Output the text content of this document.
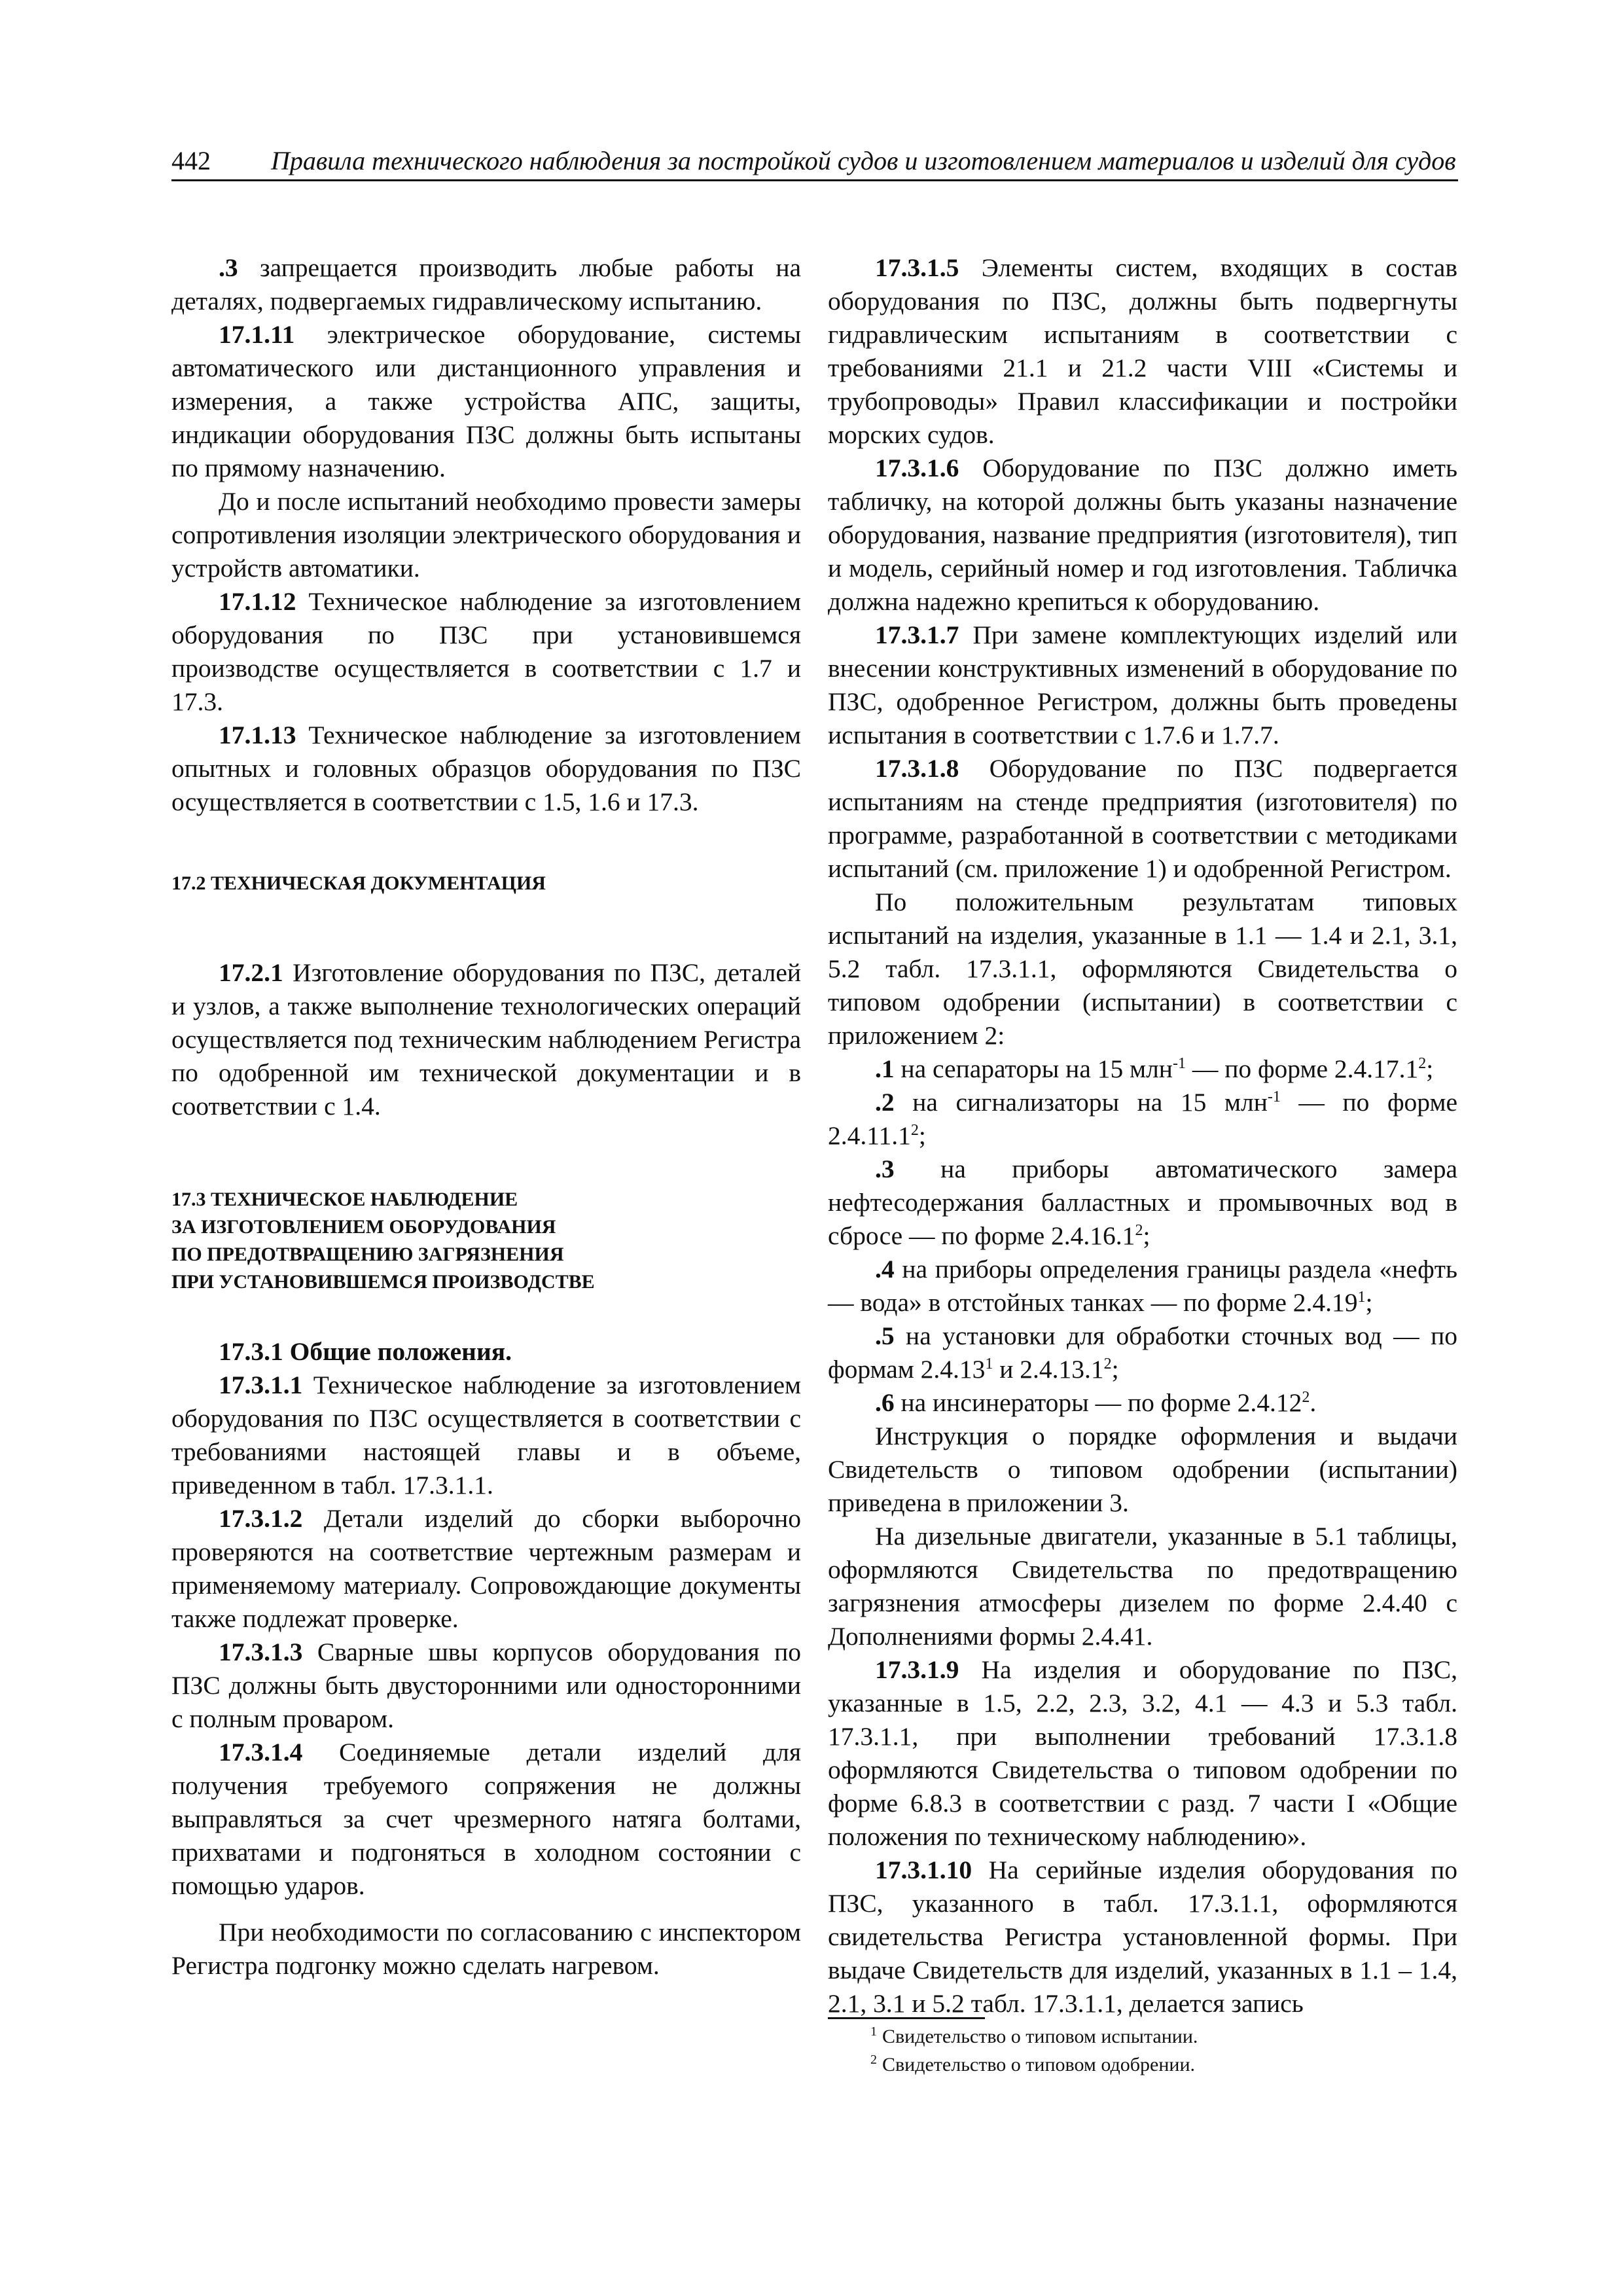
442 Правила технического наблюдения за постройкой судов и изготовлением материалов и изделий для судов

.3 запрещается производить любые работы на деталях, подвергаемых гидравлическому испытанию.

17.1.11 электрическое оборудование, системы автоматического или дистанционного управления и измерения, а также устройства АПС, защиты, индикации оборудования ПЗС должны быть испытаны по прямому назначению.

До и после испытаний необходимо провести замеры сопротивления изоляции электрического оборудования и устройств автоматики.

17.1.12 Техническое наблюдение за изготовлением оборудования по ПЗС при установившемся производстве осуществляется в соответствии с 1.7 и 17.3.

17.1.13 Техническое наблюдение за изготовлением опытных и головных образцов оборудования по ПЗС осуществляется в соответствии с 1.5, 1.6 и 17.3.

17.2 ТЕХНИЧЕСКАЯ ДОКУМЕНТАЦИЯ

17.2.1 Изготовление оборудования по ПЗС, деталей и узлов, а также выполнение технологических операций осуществляется под техническим наблюдением Регистра по одобренной им технической документации и в соответствии с 1.4.

17.3 ТЕХНИЧЕСКОЕ НАБЛЮДЕНИЕ
ЗА ИЗГОТОВЛЕНИЕМ ОБОРУДОВАНИЯ
ПО ПРЕДОТВРАЩЕНИЮ ЗАГРЯЗНЕНИЯ
ПРИ УСТАНОВИВШЕМСЯ ПРОИЗВОДСТВЕ

17.3.1 Общие положения.

17.3.1.1 Техническое наблюдение за изготовлением оборудования по ПЗС осуществляется в соответствии с требованиями настоящей главы и в объеме, приведенном в табл. 17.3.1.1.

17.3.1.2 Детали изделий до сборки выборочно проверяются на соответствие чертежным размерам и применяемому материалу. Сопровождающие документы также подлежат проверке.

17.3.1.3 Сварные швы корпусов оборудования по ПЗС должны быть двусторонними или односторонними с полным проваром.

17.3.1.4 Соединяемые детали изделий для получения требуемого сопряжения не должны выправляться за счет чрезмерного натяга болтами, прихватами и подгоняться в холодном состоянии с помощью ударов.

При необходимости по согласованию с инспектором Регистра подгонку можно сделать нагревом.

17.3.1.5 Элементы систем, входящих в состав оборудования по ПЗС, должны быть подвергнуты гидравлическим испытаниям в соответствии с требованиями 21.1 и 21.2 части VIII «Системы и трубопроводы» Правил классификации и постройки морских судов.

17.3.1.6 Оборудование по ПЗС должно иметь табличку, на которой должны быть указаны назначение оборудования, название предприятия (изготовителя), тип и модель, серийный номер и год изготовления. Табличка должна надежно крепиться к оборудованию.

17.3.1.7 При замене комплектующих изделий или внесении конструктивных изменений в оборудование по ПЗС, одобренное Регистром, должны быть проведены испытания в соответствии с 1.7.6 и 1.7.7.

17.3.1.8 Оборудование по ПЗС подвергается испытаниям на стенде предприятия (изготовителя) по программе, разработанной в соответствии с методиками испытаний (см. приложение 1) и одобренной Регистром.

По положительным результатам типовых испытаний на изделия, указанные в 1.1 — 1.4 и 2.1, 3.1, 5.2 табл. 17.3.1.1, оформляются Свидетельства о типовом одобрении (испытании) в соответствии с приложением 2:

.1 на сепараторы на 15 млн$^{-1}$ — по форме 2.4.17.1$^2$;

.2 на сигнализаторы на 15 млн$^{-1}$ — по форме 2.4.11.1$^2$;

.3 на приборы автоматического замера нефтесодержания балластных и промывочных вод в сбросе — по форме 2.4.16.1$^2$;

.4 на приборы определения границы раздела «нефть — вода» в отстойных танках — по форме 2.4.19$^1$;

.5 на установки для обработки сточных вод — по формам 2.4.13$^1$ и 2.4.13.1$^2$;

.6 на инсинераторы — по форме 2.4.12$^2$.

Инструкция о порядке оформления и выдачи Свидетельств о типовом одобрении (испытании) приведена в приложении 3.

На дизельные двигатели, указанные в 5.1 таблицы, оформляются Свидетельства по предотвращению загрязнения атмосферы дизелем по форме 2.4.40 с Дополнениями формы 2.4.41.

17.3.1.9 На изделия и оборудование по ПЗС, указанные в 1.5, 2.2, 2.3, 3.2, 4.1 — 4.3 и 5.3 табл. 17.3.1.1, при выполнении требований 17.3.1.8 оформляются Свидетельства о типовом одобрении по форме 6.8.3 в соответствии с разд. 7 части I «Общие положения по техническому наблюдению».

17.3.1.10 На серийные изделия оборудования по ПЗС, указанного в табл. 17.3.1.1, оформляются свидетельства Регистра установленной формы. При выдаче Свидетельств для изделий, указанных в 1.1 – 1.4, 2.1, 3.1 и 5.2 табл. 17.3.1.1, делается запись

$^1$ Свидетельство о типовом испытании.
$^2$ Свидетельство о типовом одобрении.
